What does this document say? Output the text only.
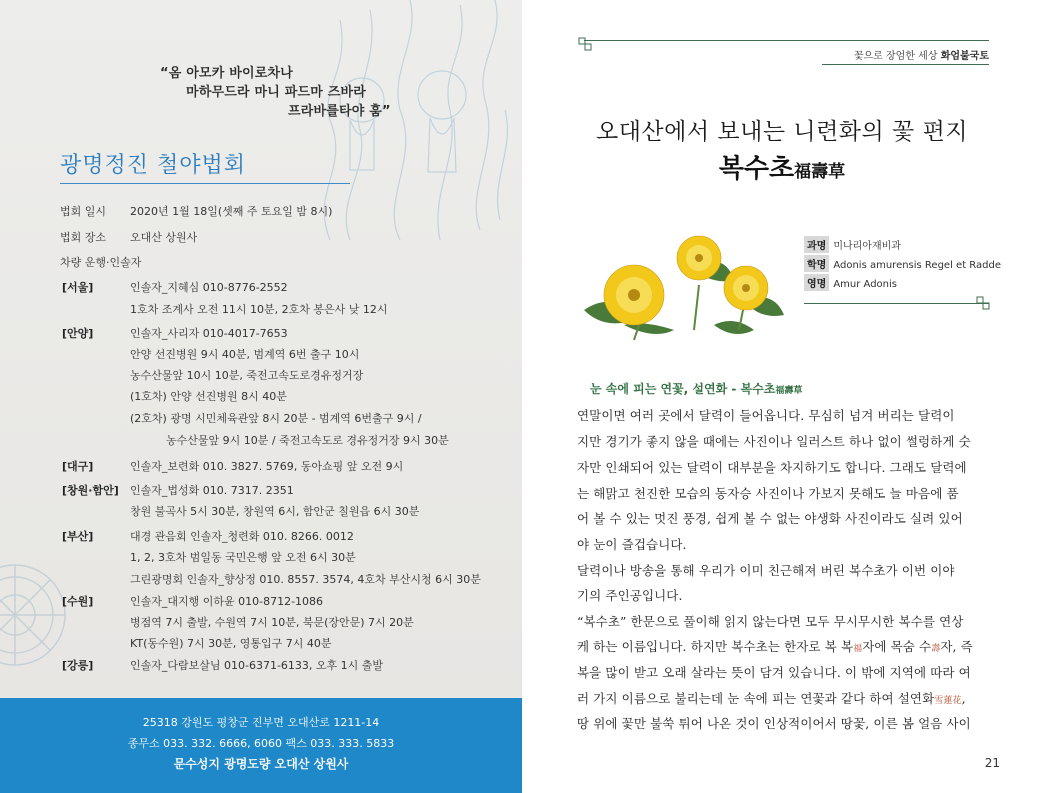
“옴 아모카 바이로차나
마하무드라 마니 파드마 즈바라
프라바를타야 훔”
광명정진 철야법회
법회 일시 2020년 1월 18일(셋째 주 토요일 밤 8시)
법회 장소 오대산 상원사
차량 운행·인솔자
[서울]	인솔자_지혜심 010-8776-2552
1호차 조계사 오전 11시 10분, 2호차 봉은사 낮 12시
[안양]	인솔자_사리자 010-4017-7653
안양 선진병원 9시 40분, 범계역 6번 출구 10시
농수산물앞 10시 10분, 죽전고속도로경유정거장
(1호차) 안양 선진병원 8시 40분
(2호차) 광명 시민체육관앞 8시 20분 - 범계역 6번출구 9시 /
농수산물앞 9시 10분 / 죽전고속도로 경유정거장 9시 30분
[대구]	인솔자_보련화 010. 3827. 5769, 동아쇼핑 앞 오전 9시
[창원·함안] 인솔자_법성화 010. 7317. 2351
창원 불곡사 5시 30분, 창원역 6시, 함안군 칠원읍 6시 30분
[부산]	대경 관음회 인솔자_청련화 010. 8266. 0012
1, 2, 3호차 범일동 국민은행 앞 오전 6시 30분
그린광명회 인솔자_향상정 010. 8557. 3574, 4호차 부산시청 6시 30분
[수원]	인솔자_대지행 이하윤 010-8712-1086
병점역 7시 출발, 수원역 7시 10분, 북문(장안문) 7시 20분
KT(동수원) 7시 30분, 영통입구 7시 40분
[강릉]	인솔자_다람보살님 010-6371-6133, 오후 1시 출발
25318 강원도 평창군 진부면 오대산로 1211-14
종무소 033. 332. 6666, 6060 팩스 033. 333. 5833
문수성지 광명도량 오대산 상원사
꽃으로 장엄한 세상 화엄불국토
오대산에서 보내는 니련화의 꽃 편지
복수초福壽草
과명 미나리아재비과
학명 Adonis amurensis Regel et Radde
영명 Amur Adonis
눈 속에 피는 연꽃, 설연화 - 복수초福壽草
연말이면 여러 곳에서 달력이 들어옵니다. 무심히 넘겨 버리는 달력이
지만 경기가 좋지 않을 때에는 사진이나 일러스트 하나 없이 썰렁하게 숫
자만 인쇄되어 있는 달력이 대부분을 차지하기도 합니다. 그래도 달력에
는 해맑고 천진한 모습의 동자승 사진이나 가보지 못해도 늘 마음에 품
어 볼 수 있는 멋진 풍경, 쉽게 볼 수 없는 야생화 사진이라도 실려 있어
야 눈이 즐겁습니다.
달력이나 방송을 통해 우리가 이미 친근해져 버린 복수초가 이번 이야
기의 주인공입니다.
“복수초” 한문으로 풀이해 읽지 않는다면 모두 무시무시한 복수를 연상
케 하는 이름입니다. 하지만 복수초는 한자로 복 복福자에 목숨 수壽자, 즉
복을 많이 받고 오래 살라는 뜻이 담겨 있습니다. 이 밖에 지역에 따라 여
러 가지 이름으로 불리는데 눈 속에 피는 연꽃과 같다 하여 설연화雪蓮花,
땅 위에 꽃만 불쑥 튀어 나온 것이 인상적이어서 땅꽃, 이른 봄 얼음 사이
21
